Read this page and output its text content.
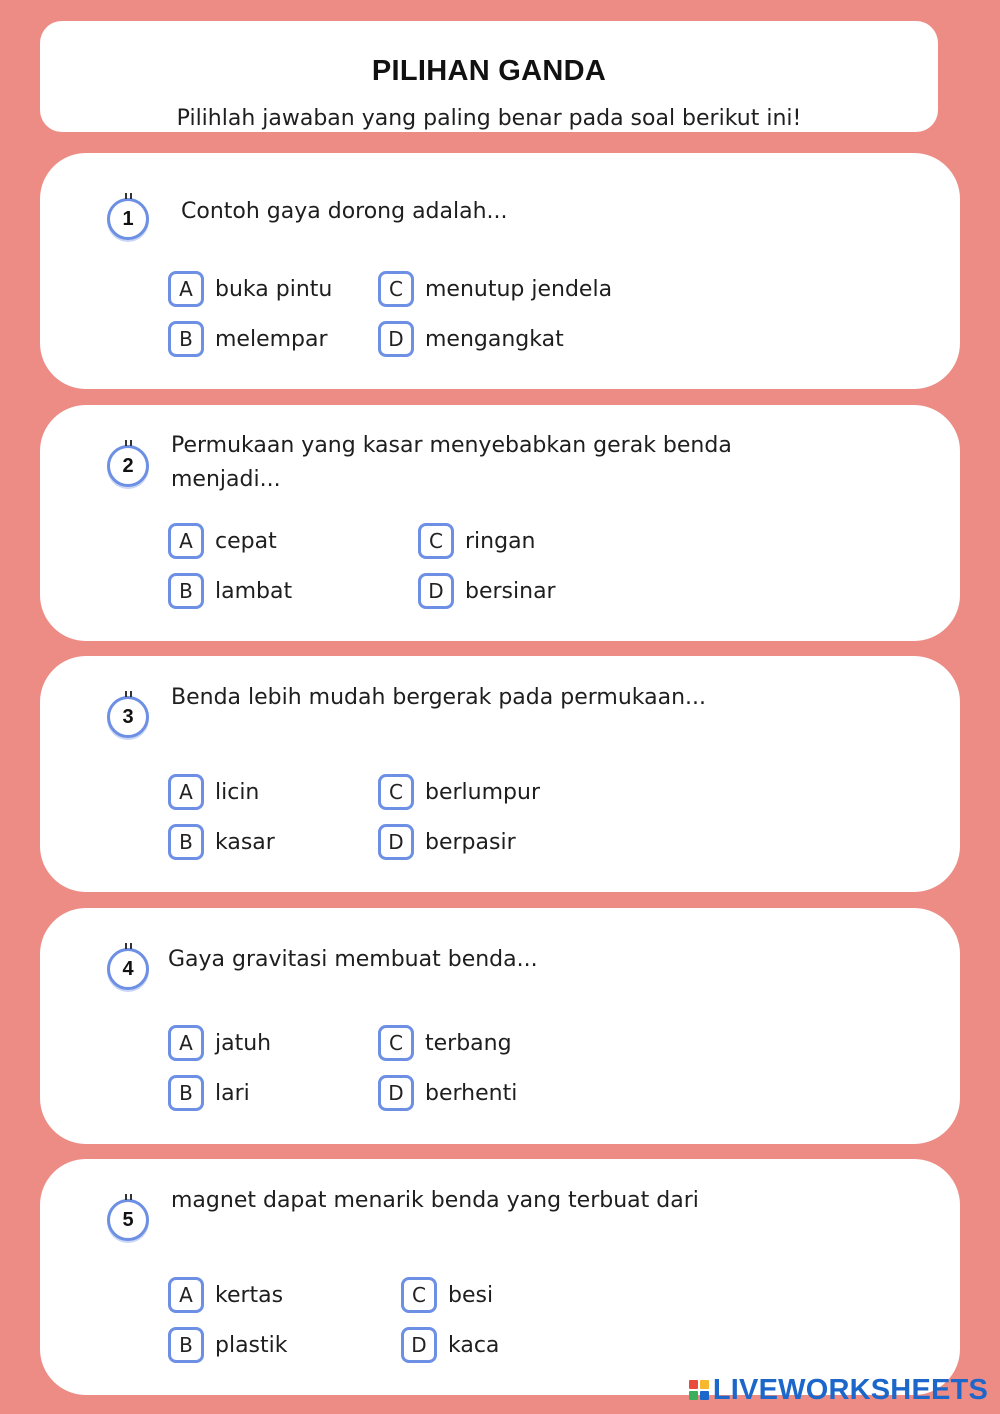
PILIHAN GANDA
Pilihlah jawaban yang paling benar pada soal berikut ini!
1	Contoh gaya dorong adalah...
A	buka pintu
B	melempar
C	menutup jendela
D mengangkat
2
Permukaan yang kasar menyebabkan gerak benda menjadi...
A	cepat
B	lambat
C	ringan
D bersinar
3
Benda lebih mudah bergerak pada permukaan...
A	licin
B	kasar
C	berlumpur
D berpasir
4	Gaya gravitasi membuat benda...
A	jatuh
B	lari
C	terbang
D berhenti
5
magnet dapat menarik benda yang terbuat dari
A	kertas
B	plastik
C	besi
D kaca
LIVEWORKSHEETS
